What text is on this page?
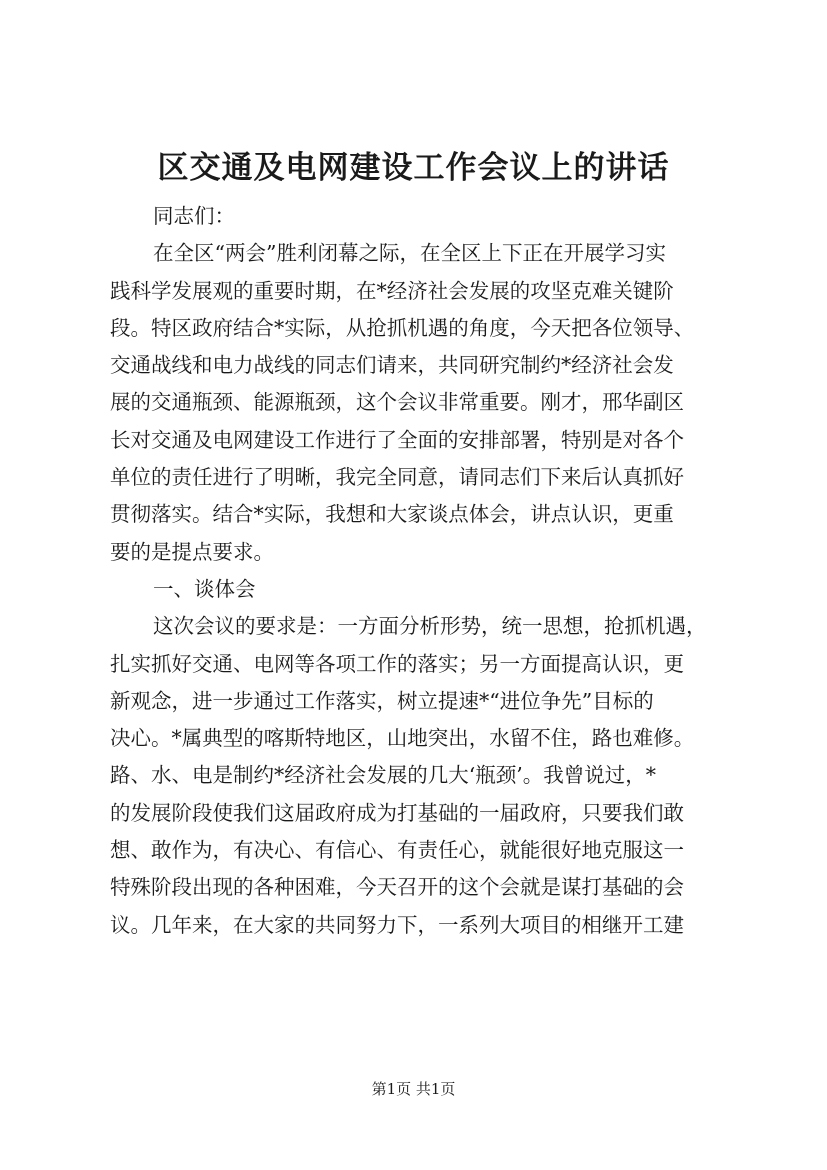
区交通及电网建设工作会议上的讲话
同志们：
在全区“两会”胜利闭幕之际，在全区上下正在开展学习实
践科学发展观的重要时期，在*经济社会发展的攻坚克难关键阶
段。特区政府结合*实际，从抢抓机遇的角度，今天把各位领导、
交通战线和电力战线的同志们请来，共同研究制约*经济社会发
展的交通瓶颈、能源瓶颈，这个会议非常重要。刚才，邢华副区
长对交通及电网建设工作进行了全面的安排部署，特别是对各个
单位的责任进行了明晰，我完全同意，请同志们下来后认真抓好
贯彻落实。结合*实际，我想和大家谈点体会，讲点认识，更重
要的是提点要求。
一、谈体会
这次会议的要求是：一方面分析形势，统一思想，抢抓机遇，
扎实抓好交通、电网等各项工作的落实；另一方面提高认识，更
新观念，进一步通过工作落实，树立提速*“进位争先”目标的
决心。*属典型的喀斯特地区，山地突出，水留不住，路也难修。
路、水、电是制约*经济社会发展的几大‘瓶颈’。我曾说过，*
的发展阶段使我们这届政府成为打基础的一届政府，只要我们敢
想、敢作为，有决心、有信心、有责任心，就能很好地克服这一
特殊阶段出现的各种困难，今天召开的这个会就是谋打基础的会
议。几年来，在大家的共同努力下，一系列大项目的相继开工建
第1页 共1页
